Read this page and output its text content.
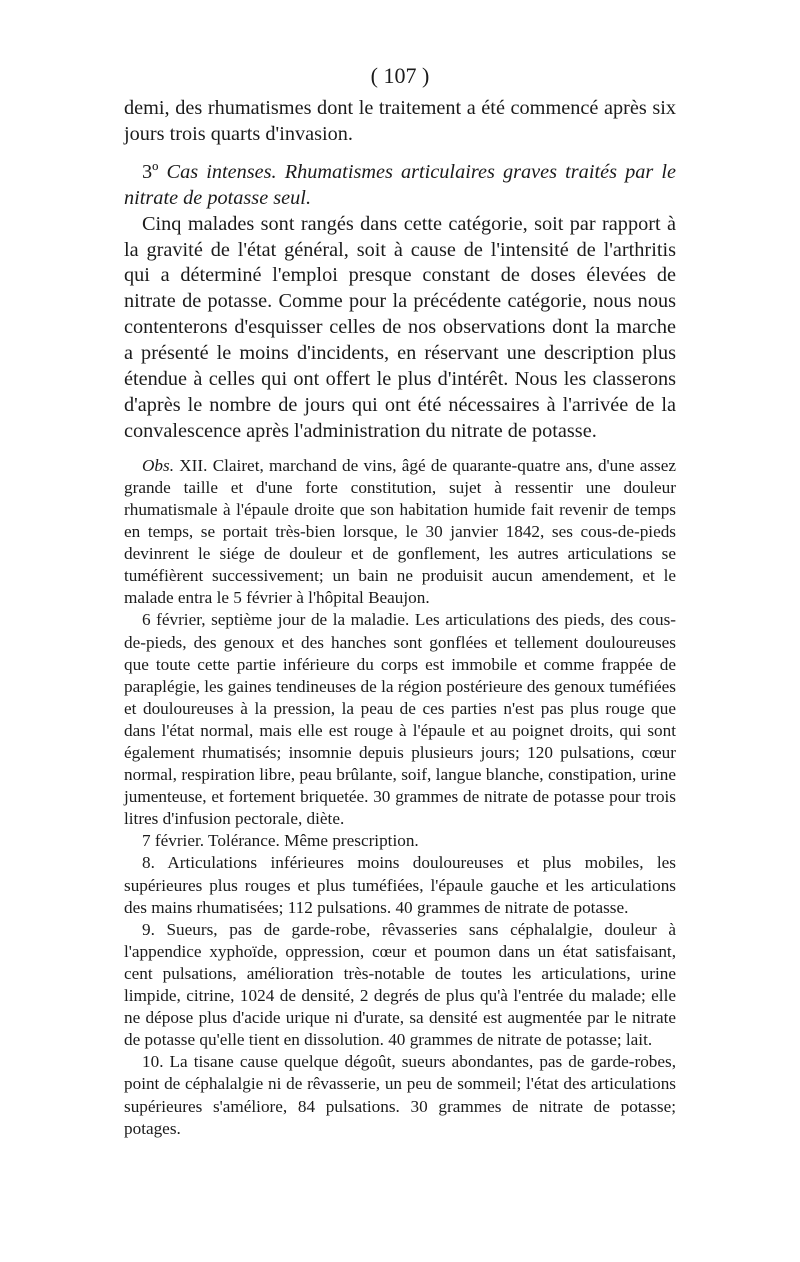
( 107 )

demi, des rhumatismes dont le traitement a été commencé après six jours trois quarts d'invasion.

3º Cas intenses. Rhumatismes articulaires graves traités par le nitrate de potasse seul.

Cinq malades sont rangés dans cette catégorie, soit par rapport à la gravité de l'état général, soit à cause de l'intensité de l'arthritis qui a déterminé l'emploi presque constant de doses élevées de nitrate de potasse. Comme pour la précédente catégorie, nous nous contenterons d'esquisser celles de nos observations dont la marche a présenté le moins d'incidents, en réservant une description plus étendue à celles qui ont offert le plus d'intérêt. Nous les classerons d'après le nombre de jours qui ont été nécessaires à l'arrivée de la convalescence après l'administration du nitrate de potasse.

Obs. XII. Clairet, marchand de vins, âgé de quarante-quatre ans, d'une assez grande taille et d'une forte constitution, sujet à ressentir une douleur rhumatismale à l'épaule droite que son habitation humide fait revenir de temps en temps, se portait très-bien lorsque, le 30 janvier 1842, ses cous-de-pieds devinrent le siége de douleur et de gonflement, les autres articulations se tuméfièrent successivement; un bain ne produisit aucun amendement, et le malade entra le 5 février à l'hôpital Beaujon.

6 février, septième jour de la maladie. Les articulations des pieds, des cous-de-pieds, des genoux et des hanches sont gonflées et tellement douloureuses que toute cette partie inférieure du corps est immobile et comme frappée de paraplégie, les gaines tendineuses de la région postérieure des genoux tuméfiées et douloureuses à la pression, la peau de ces parties n'est pas plus rouge que dans l'état normal, mais elle est rouge à l'épaule et au poignet droits, qui sont également rhumatisés; insomnie depuis plusieurs jours; 120 pulsations, cœur normal, respiration libre, peau brûlante, soif, langue blanche, constipation, urine jumenteuse, et fortement briquetée. 30 grammes de nitrate de potasse pour trois litres d'infusion pectorale, diète.

7 février. Tolérance. Même prescription.

8. Articulations inférieures moins douloureuses et plus mobiles, les supérieures plus rouges et plus tuméfiées, l'épaule gauche et les articulations des mains rhumatisées; 112 pulsations. 40 grammes de nitrate de potasse.

9. Sueurs, pas de garde-robe, rêvasseries sans céphalalgie, douleur à l'appendice xyphoïde, oppression, cœur et poumon dans un état satisfaisant, cent pulsations, amélioration très-notable de toutes les articulations, urine limpide, citrine, 1024 de densité, 2 degrés de plus qu'à l'entrée du malade; elle ne dépose plus d'acide urique ni d'urate, sa densité est augmentée par le nitrate de potasse qu'elle tient en dissolution. 40 grammes de nitrate de potasse; lait.

10. La tisane cause quelque dégoût, sueurs abondantes, pas de garde-robes, point de céphalalgie ni de rêvasserie, un peu de sommeil; l'état des articulations supérieures s'améliore, 84 pulsations. 30 grammes de nitrate de potasse; potages.
